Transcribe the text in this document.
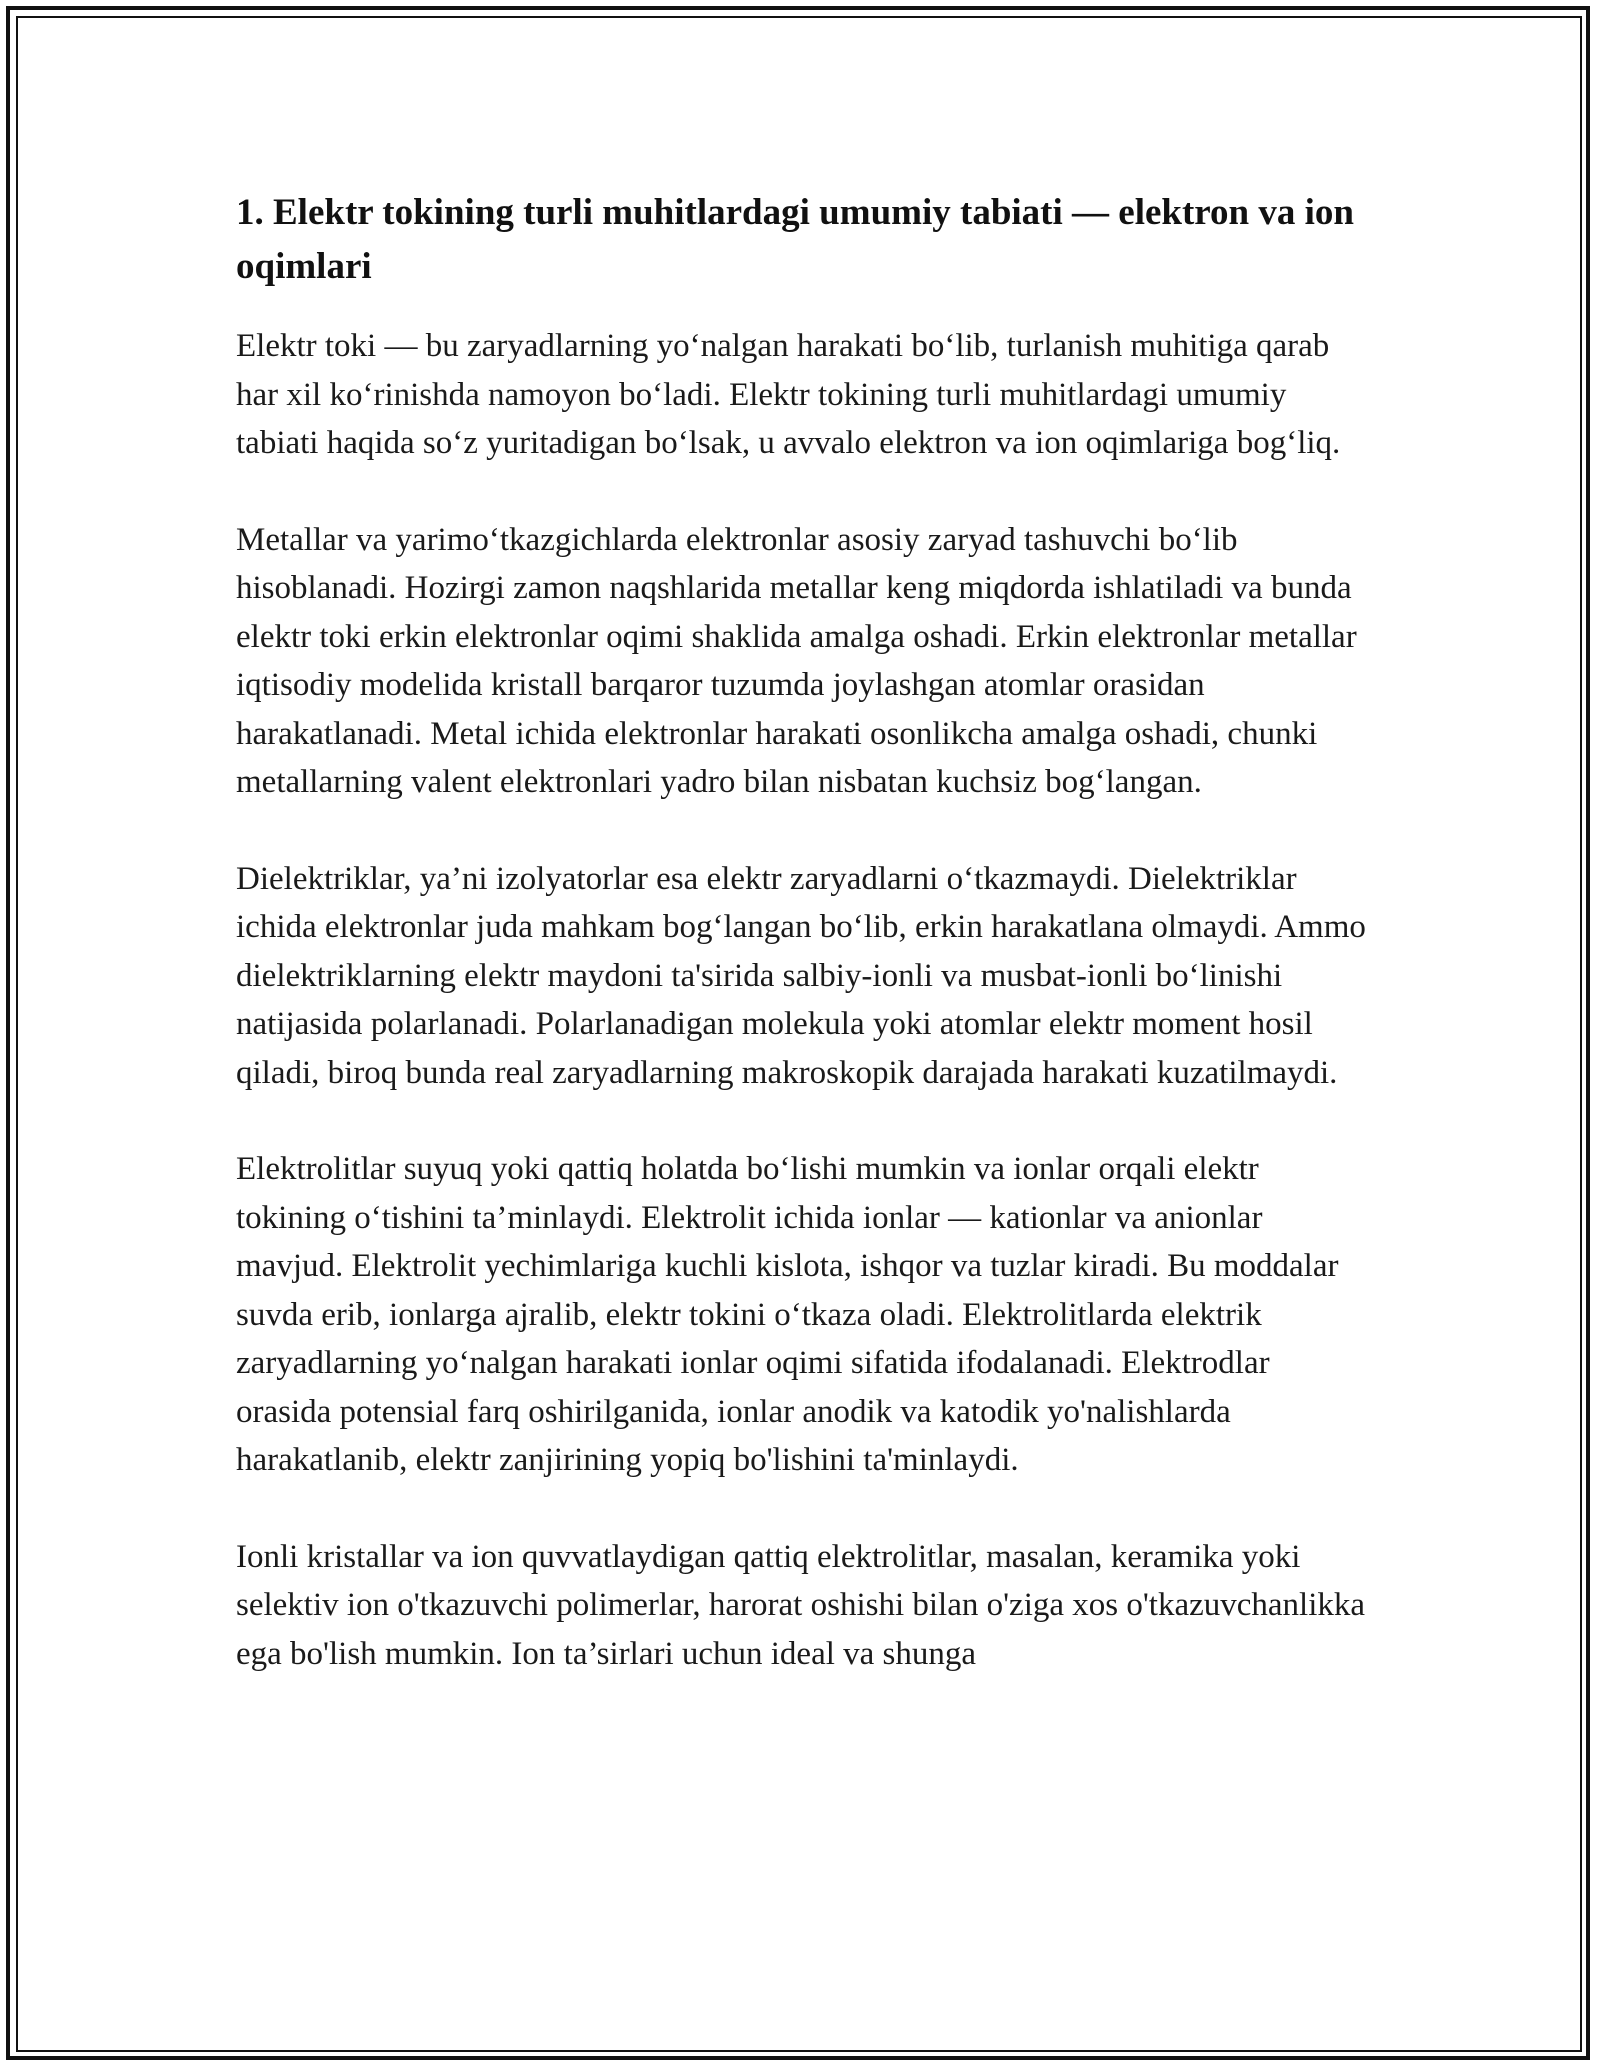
1. Elektr tokining turli muhitlardagi umumiy tabiati — elektron va ion oqimlari

Elektr toki — bu zaryadlarning yo‘nalgan harakati bo‘lib, turlanish muhitiga qarab har xil ko‘rinishda namoyon bo‘ladi. Elektr tokining turli muhitlardagi umumiy tabiati haqida so‘z yuritadigan bo‘lsak, u avvalo elektron va ion oqimlariga bog‘liq.

Metallar va yarimo‘tkazgichlarda elektronlar asosiy zaryad tashuvchi bo‘lib hisoblanadi. Hozirgi zamon naqshlarida metallar keng miqdorda ishlatiladi va bunda elektr toki erkin elektronlar oqimi shaklida amalga oshadi. Erkin elektronlar metallar iqtisodiy modelida kristall barqaror tuzumda joylashgan atomlar orasidan harakatlanadi. Metal ichida elektronlar harakati osonlikcha amalga oshadi, chunki metallarning valent elektronlari yadro bilan nisbatan kuchsiz bog‘langan.

Dielektriklar, ya’ni izolyatorlar esa elektr zaryadlarni o‘tkazmaydi. Dielektriklar ichida elektronlar juda mahkam bog‘langan bo‘lib, erkin harakatlana olmaydi. Ammo dielektriklarning elektr maydoni ta'sirida salbiy-ionli va musbat-ionli bo‘linishi natijasida polarlanadi. Polarlanadigan molekula yoki atomlar elektr moment hosil qiladi, biroq bunda real zaryadlarning makroskopik darajada harakati kuzatilmaydi.

Elektrolitlar suyuq yoki qattiq holatda bo‘lishi mumkin va ionlar orqali elektr tokining o‘tishini ta’minlaydi. Elektrolit ichida ionlar — kationlar va anionlar mavjud. Elektrolit yechimlariga kuchli kislota, ishqor va tuzlar kiradi. Bu moddalar suvda erib, ionlarga ajralib, elektr tokini o‘tkaza oladi. Elektrolitlarda elektrik zaryadlarning yo‘nalgan harakati ionlar oqimi sifatida ifodalanadi. Elektrodlar orasida potensial farq oshirilganida, ionlar anodik va katodik yo'nalishlarda harakatlanib, elektr zanjirining yopiq bo'lishini ta'minlaydi.

Ionli kristallar va ion quvvatlaydigan qattiq elektrolitlar, masalan, keramika yoki selektiv ion o'tkazuvchi polimerlar, harorat oshishi bilan o'ziga xos o'tkazuvchanlikka ega bo'lish mumkin. Ion ta’sirlari uchun ideal va shunga
